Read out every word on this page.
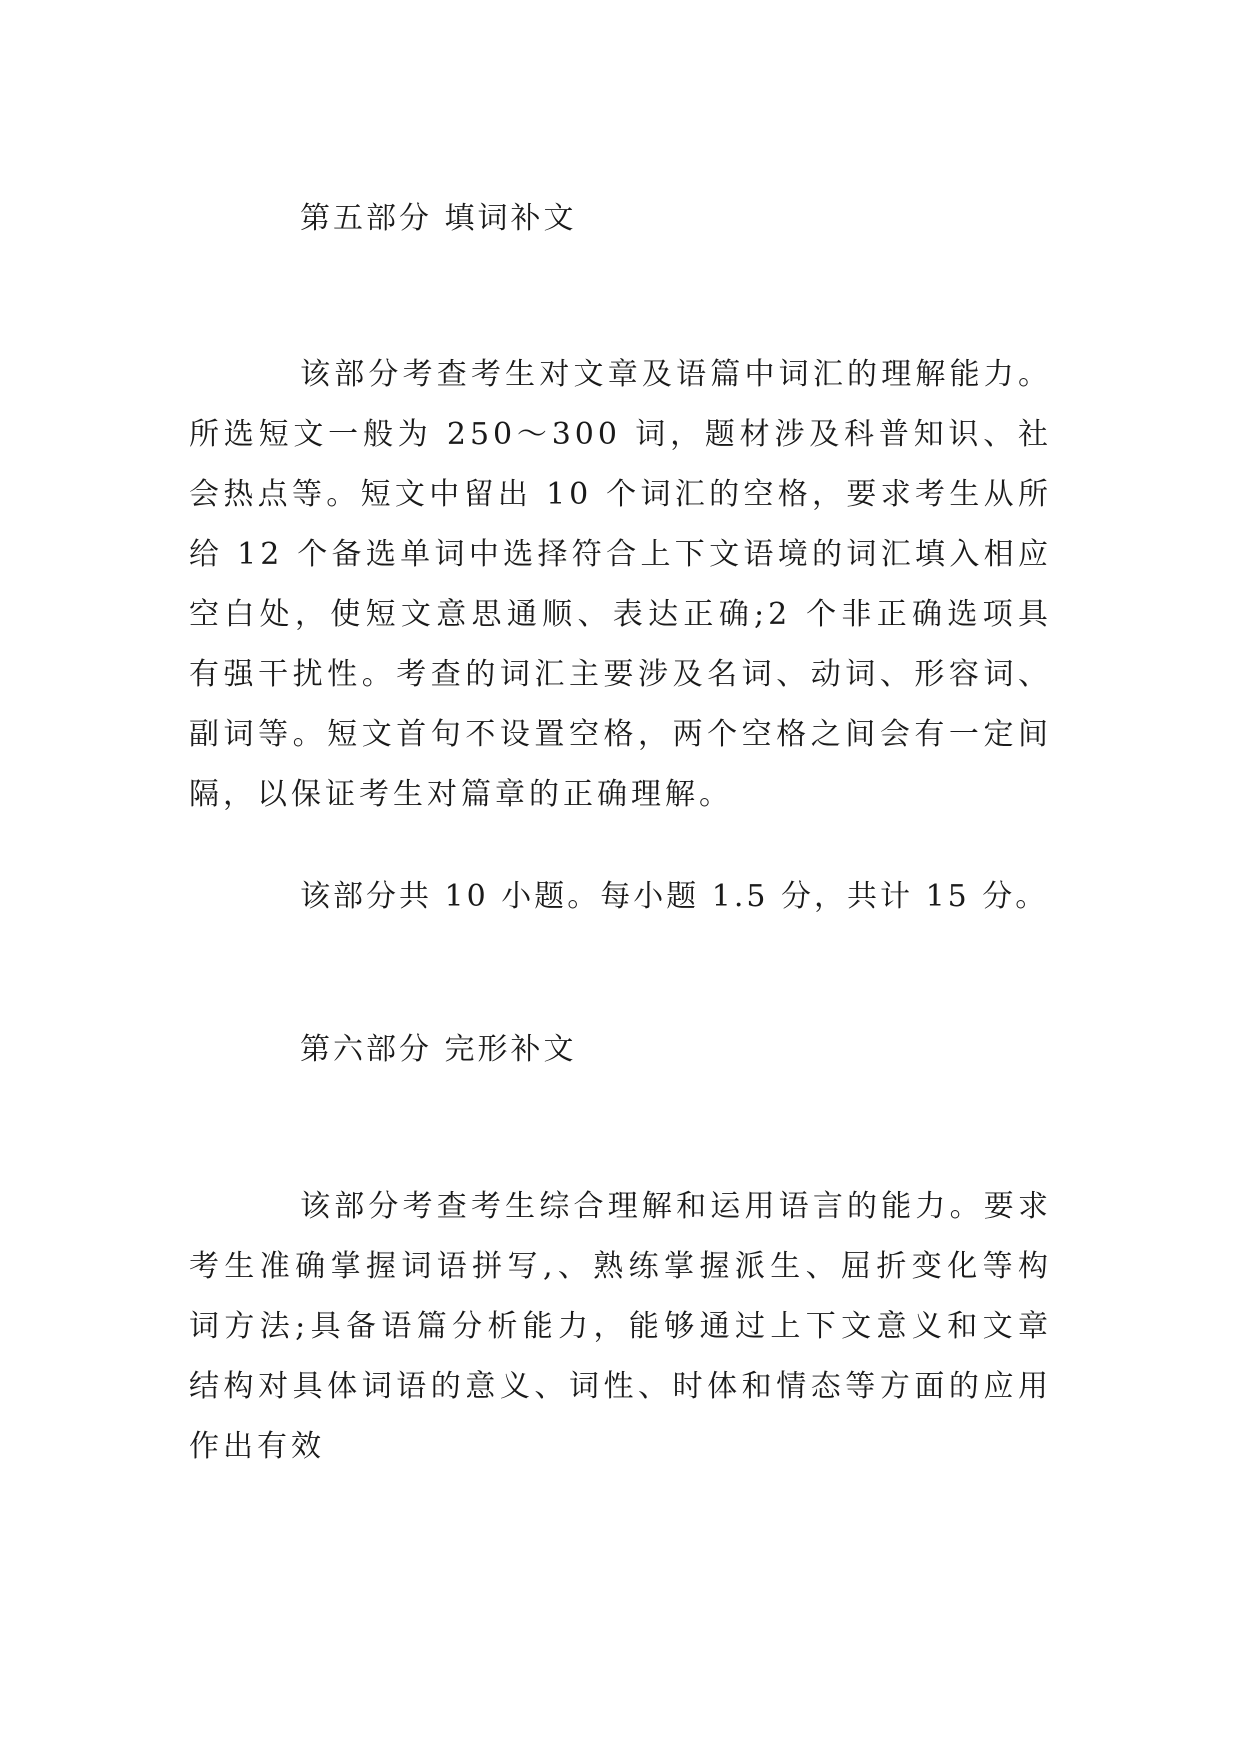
第五部分 填词补文

该部分考查考生对文章及语篇中词汇的理解能力。所选短文一般为 250～300 词，题材涉及科普知识、社会热点等。短文中留出 10 个词汇的空格，要求考生从所给 12 个备选单词中选择符合上下文语境的词汇填入相应空白处，使短文意思通顺、表达正确;2 个非正确选项具有强干扰性。考查的词汇主要涉及名词、动词、形容词、副词等。短文首句不设置空格，两个空格之间会有一定间隔，以保证考生对篇章的正确理解。

该部分共 10 小题。每小题 1.5 分，共计 15 分。

第六部分 完形补文

该部分考查考生综合理解和运用语言的能力。要求考生准确掌握词语拼写,、熟练掌握派生、屈折变化等构词方法;具备语篇分析能力，能够通过上下文意义和文章结构对具体词语的意义、词性、时体和情态等方面的应用作出有效
